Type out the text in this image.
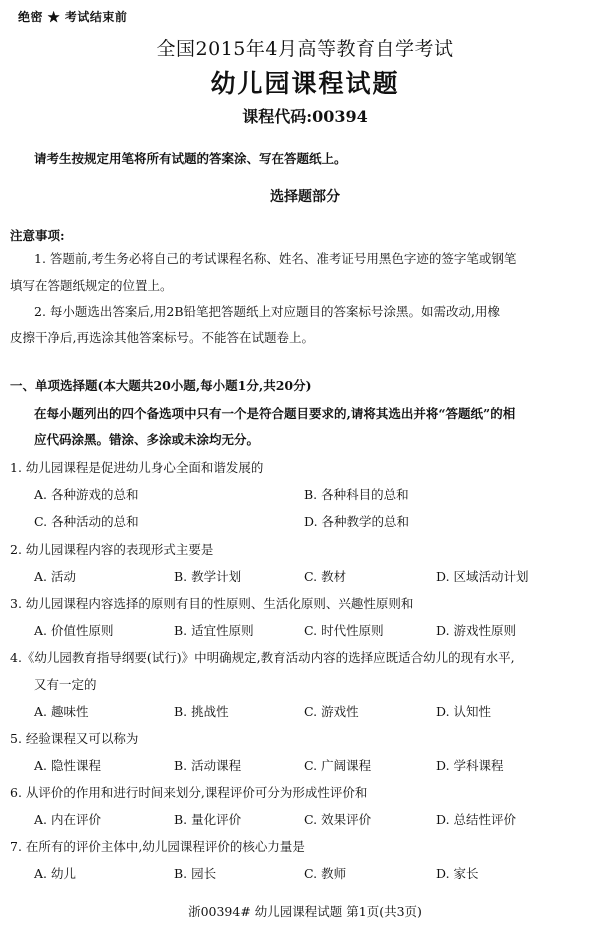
绝密 ★ 考试结束前
全国2015年4月高等教育自学考试
幼儿园课程试题
课程代码:00394
请考生按规定用笔将所有试题的答案涂、写在答题纸上。
选择题部分
注意事项:
1. 答题前,考生务必将自己的考试课程名称、姓名、准考证号用黑色字迹的签字笔或钢笔
填写在答题纸规定的位置上。
2. 每小题选出答案后,用2B铅笔把答题纸上对应题目的答案标号涂黑。如需改动,用橡
皮擦干净后,再选涂其他答案标号。不能答在试题卷上。
一、单项选择题(本大题共20小题,每小题1分,共20分)
在每小题列出的四个备选项中只有一个是符合题目要求的,请将其选出并将“答题纸”的相
应代码涂黑。错涂、多涂或未涂均无分。
1. 幼儿园课程是促进幼儿身心全面和谐发展的
A. 各种游戏的总和	B. 各种科目的总和
C. 各种活动的总和	D. 各种教学的总和
2. 幼儿园课程内容的表现形式主要是
A. 活动	B. 教学计划	C. 教材	D. 区域活动计划
3. 幼儿园课程内容选择的原则有目的性原则、生活化原则、兴趣性原则和
A. 价值性原则	B. 适宜性原则	C. 时代性原则	D. 游戏性原则
4.《幼儿园教育指导纲要(试行)》中明确规定,教育活动内容的选择应既适合幼儿的现有水平,
又有一定的
A. 趣味性	B. 挑战性	C. 游戏性	D. 认知性
5. 经验课程又可以称为
A. 隐性课程	B. 活动课程	C. 广阔课程	D. 学科课程
6. 从评价的作用和进行时间来划分,课程评价可分为形成性评价和
A. 内在评价	B. 量化评价	C. 效果评价	D. 总结性评价
7. 在所有的评价主体中,幼儿园课程评价的核心力量是
A. 幼儿	B. 园长	C. 教师	D. 家长
浙00394# 幼儿园课程试题 第1页(共3页)
